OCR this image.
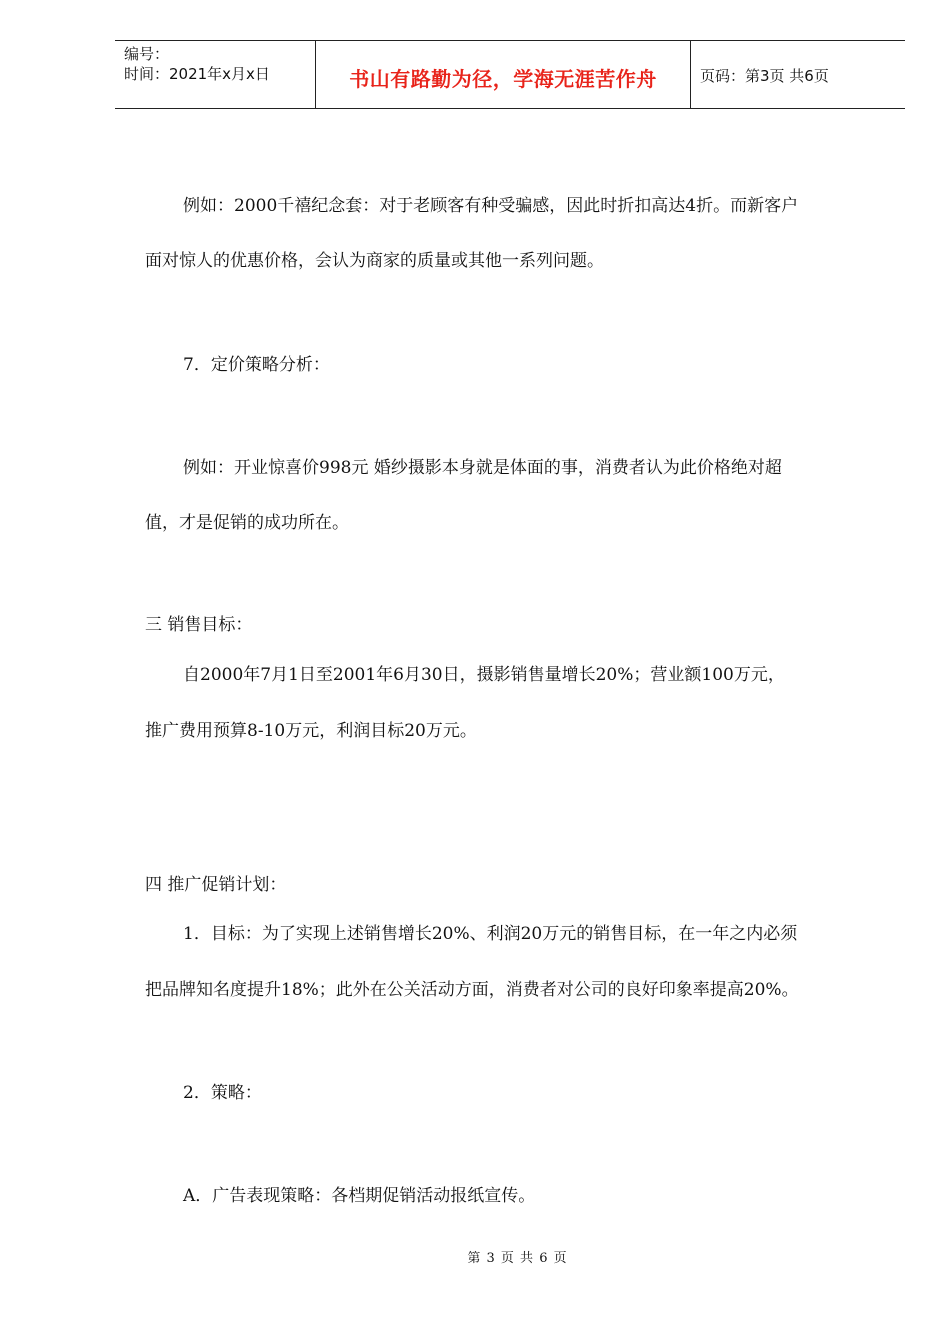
编号：
时间：2021年x月x日	书山有路勤为径，学海无涯苦作舟	页码：第3页 共6页
例如：2000千禧纪念套：对于老顾客有种受骗感，因此时折扣高达4折。而新客户
面对惊人的优惠价格，会认为商家的质量或其他一系列问题。
7．定价策略分析：
例如：开业惊喜价998元 婚纱摄影本身就是体面的事，消费者认为此价格绝对超
值，才是促销的成功所在。
三 销售目标：
自2000年7月1日至2001年6月30日，摄影销售量增长20%；营业额100万元，
推广费用预算8-10万元，利润目标20万元。
四 推广促销计划：
1．目标：为了实现上述销售增长20%、利润20万元的销售目标，在一年之内必须
把品牌知名度提升18%；此外在公关活动方面，消费者对公司的良好印象率提高20%。
2．策略：
A．广告表现策略：各档期促销活动报纸宣传。
第 3 页 共 6 页
